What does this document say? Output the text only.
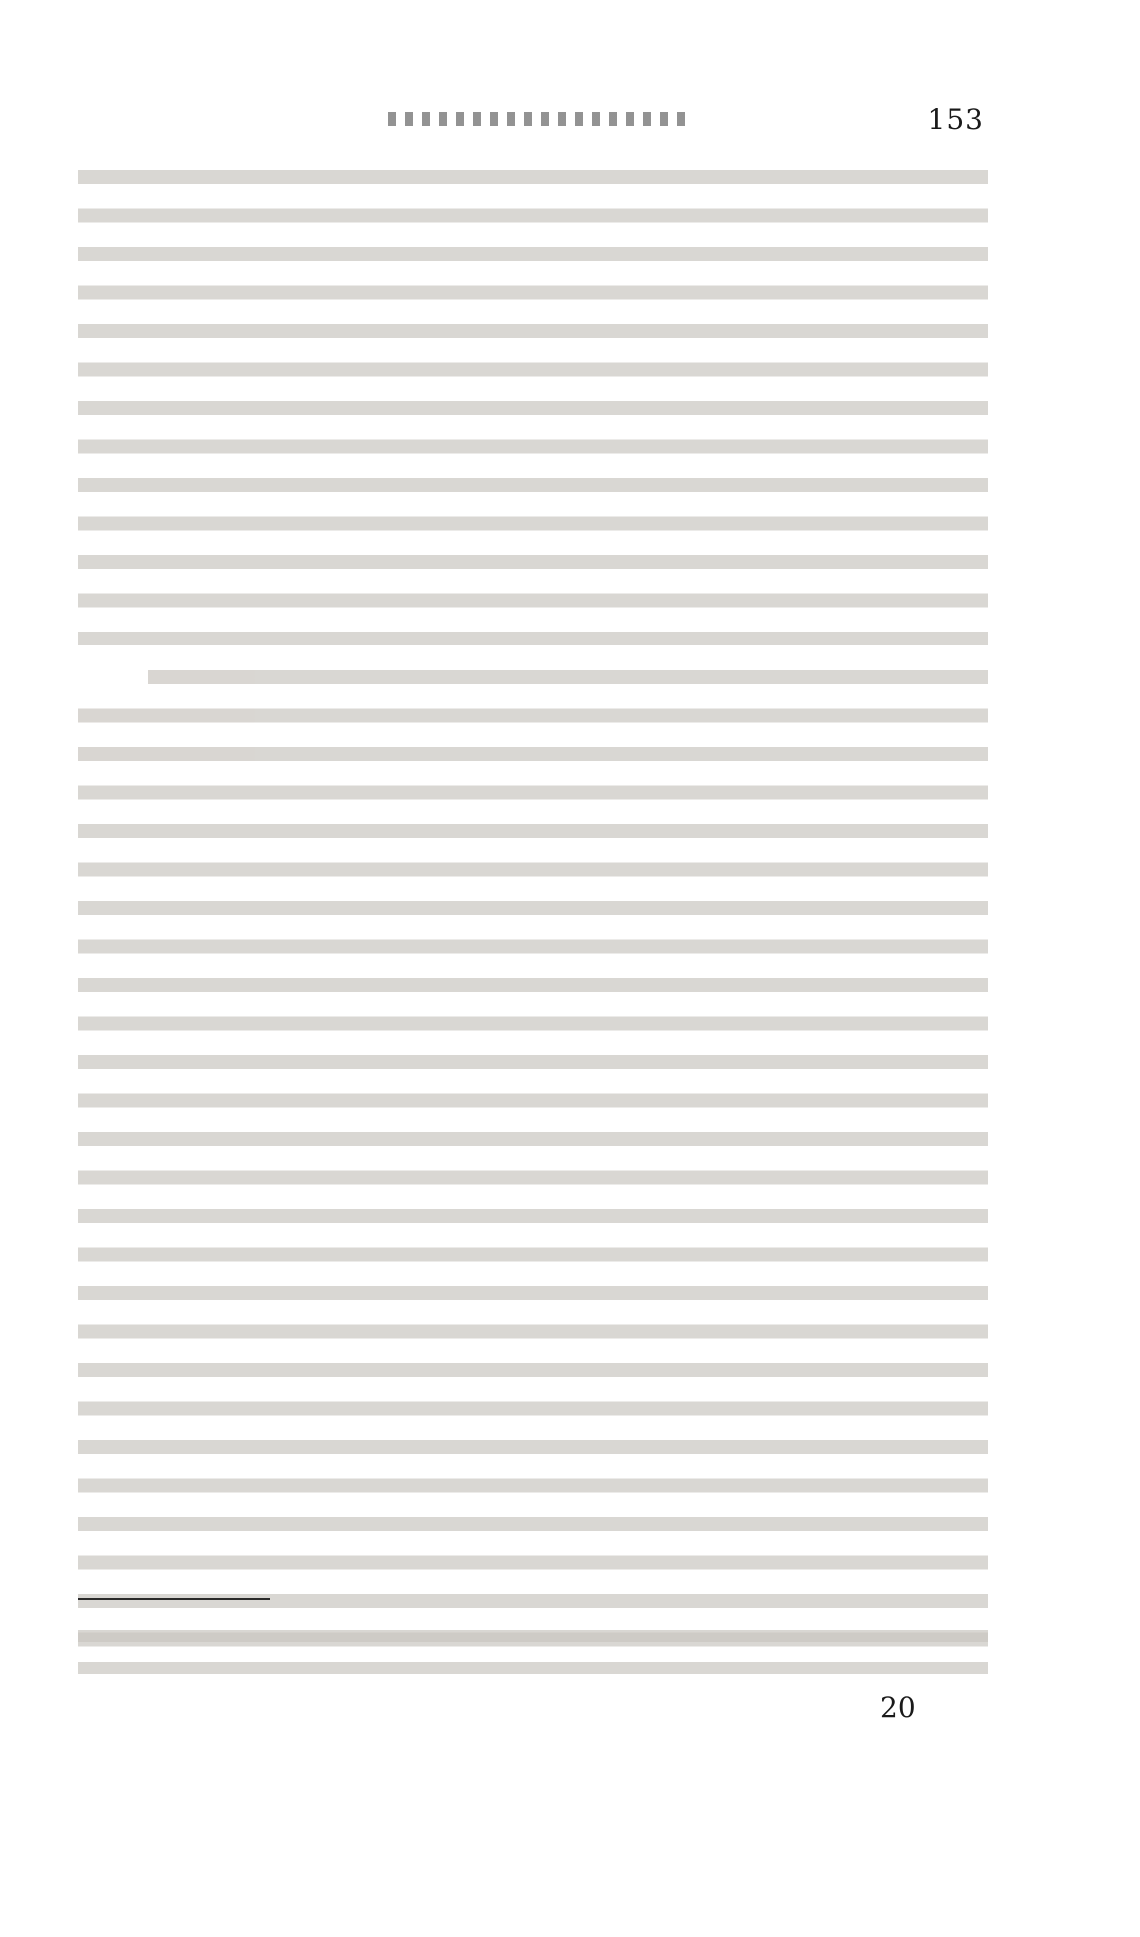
153
20
